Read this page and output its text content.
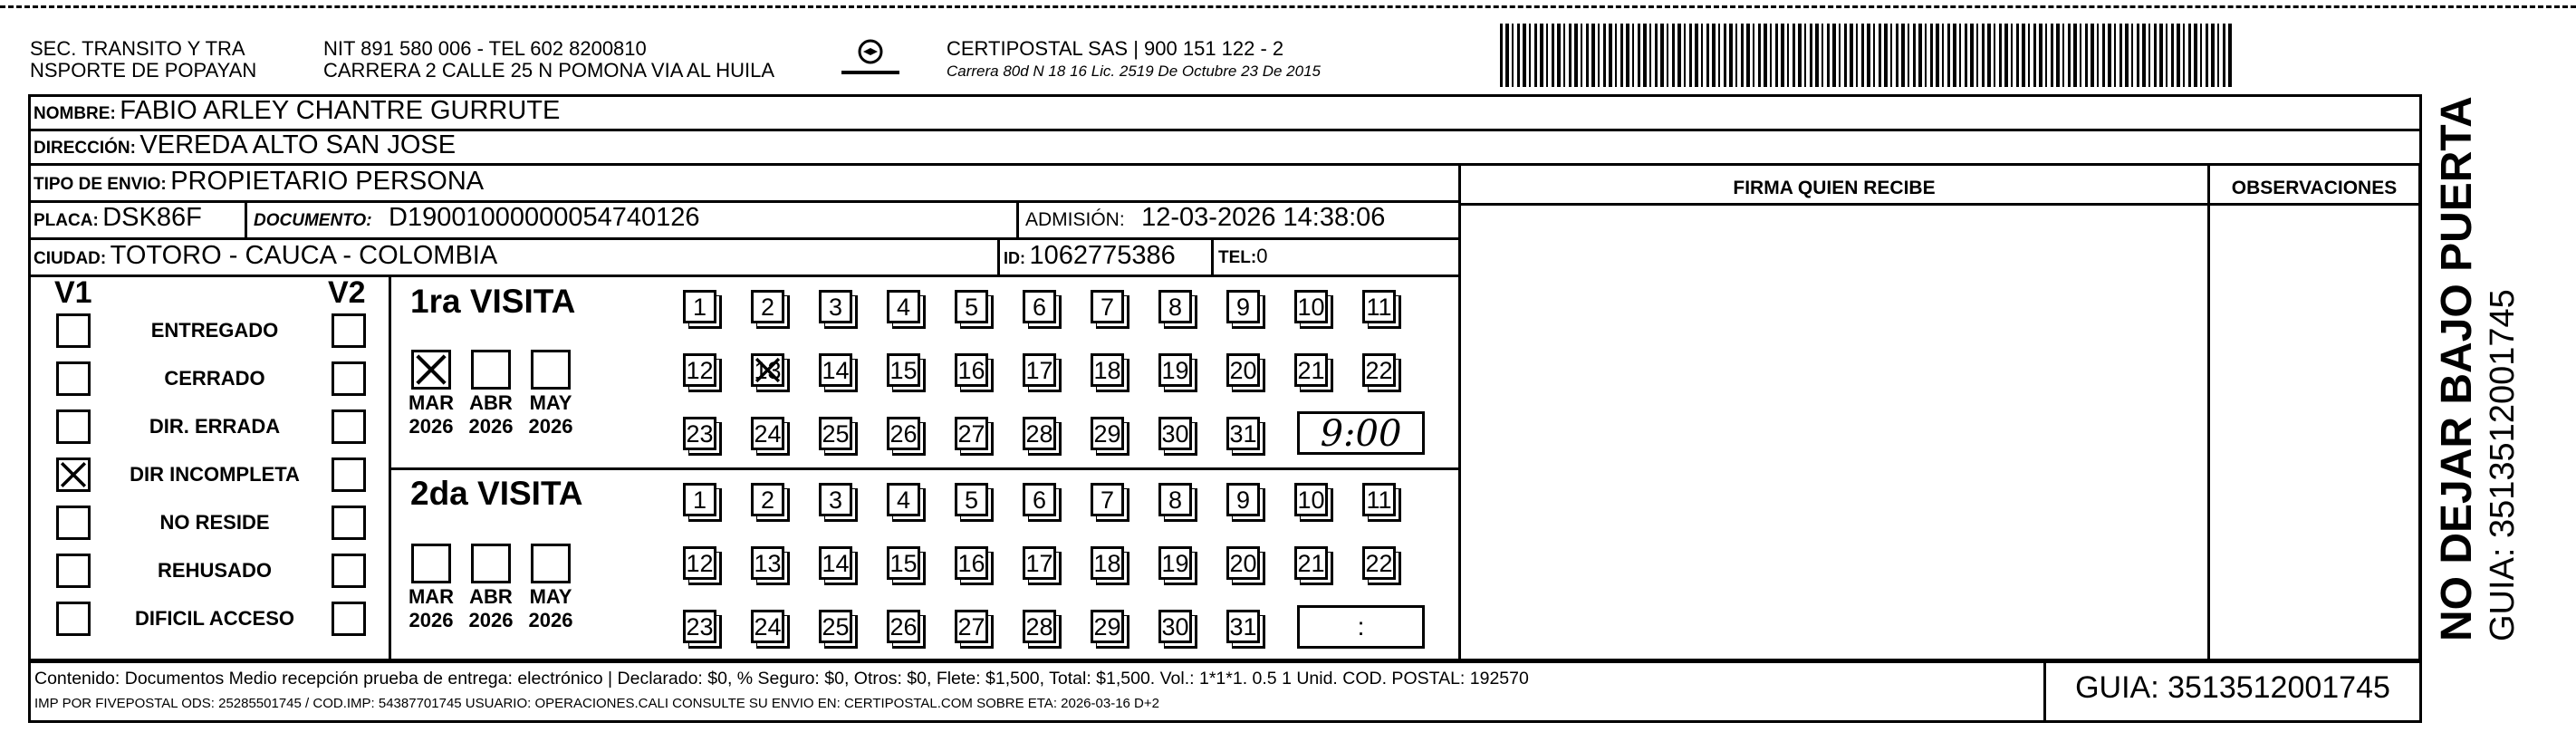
SEC. TRANSITO Y TRA
NSPORTE DE POPAYAN
NIT 891 580 006 - TEL 602 8200810
CARRERA 2 CALLE 25 N POMONA VIA AL HUILA
CERTIPOSTAL SAS | 900 151 122 - 2
Carrera 80d N 18 16 Lic. 2519 De Octubre 23 De 2015
NOMBRE: FABIO ARLEY CHANTRE GURRUTE
DIRECCIÓN: VEREDA ALTO SAN JOSE
TIPO DE ENVIO: PROPIETARIO PERSONA
PLACA: DSK86F	DOCUMENTO: D19001000000054740126	ADMISIÓN: 12-03-2026 14:38:06
CIUDAD: TOTORO - CAUCA - COLOMBIA	ID: 1062775386 TEL:0
FIRMA QUIEN RECIBE	OBSERVACIONES
V1	V2
ENTREGADO
CERRADO
DIR. ERRADA
DIR INCOMPLETA
NO RESIDE
REHUSADO
DIFICIL ACCESO
1ra VISITA
MAR
2026
ABR
2026
MAY
2026
1	2	3	4	5	6	7	8	9	10 11
12 13 14 15 16 17 18 19 20 21 22
23 24 25 26 27 28 29 30 31	9:00
2da VISITA
MAR
2026
ABR
2026
MAY
2026
1	2	3	4	5	6	7	8	9	10 11
12 13 14 15 16 17 18 19 20 21 22
23 24 25 26 27 28 29 30 31	:
Contenido: Documentos Medio recepción prueba de entrega: electrónico | Declarado: $0, % Seguro: $0, Otros: $0, Flete: $1,500, Total: $1,500. Vol.: 1*1*1. 0.5 1 Unid. COD. POSTAL: 192570
IMP POR FIVEPOSTAL ODS: 25285501745 / COD.IMP: 54387701745 USUARIO: OPERACIONES.CALI CONSULTE SU ENVIO EN: CERTIPOSTAL.COM SOBRE ETA: 2026-03-16 D+2	GUIA: 3513512001745
NO DEJAR BAJO PUERTA GUIA: 3513512001745
